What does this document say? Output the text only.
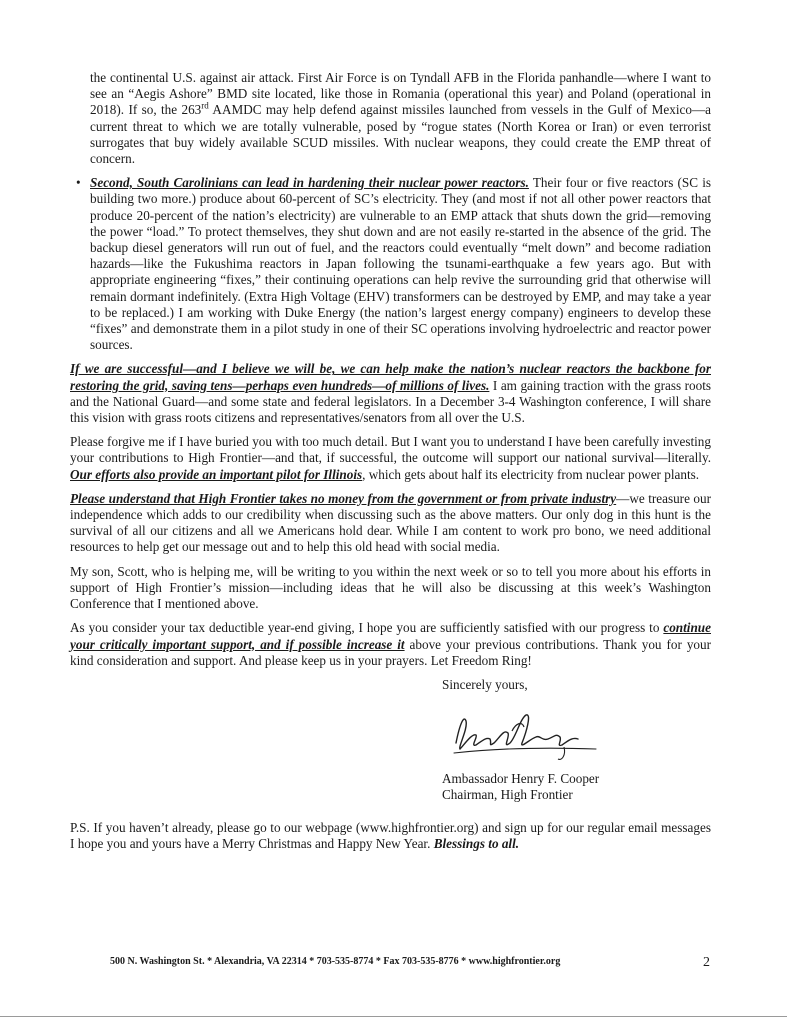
the continental U.S. against air attack. First Air Force is on Tyndall AFB in the Florida panhandle—where I want to see an “Aegis Ashore” BMD site located, like those in Romania (operational this year) and Poland (operational in 2018). If so, the 263rd AAMDC may help defend against missiles launched from vessels in the Gulf of Mexico—a current threat to which we are totally vulnerable, posed by “rogue states (North Korea or Iran) or even terrorist surrogates that buy widely available SCUD missiles. With nuclear weapons, they could create the EMP threat of concern.

• Second, South Carolinians can lead in hardening their nuclear power reactors. Their four or five reactors (SC is building two more.) produce about 60-percent of SC’s electricity. They (and most if not all other power reactors that produce 20-percent of the nation’s electricity) are vulnerable to an EMP attack that shuts down the grid—removing the power “load.” To protect themselves, they shut down and are not easily re-started in the absence of the grid. The backup diesel generators will run out of fuel, and the reactors could eventually “melt down” and become radiation hazards—like the Fukushima reactors in Japan following the tsunami-earthquake a few years ago. But with appropriate engineering “fixes,” their continuing operations can help revive the surrounding grid that otherwise will remain dormant indefinitely. (Extra High Voltage (EHV) transformers can be destroyed by EMP, and may take a year to be replaced.) I am working with Duke Energy (the nation’s largest energy company) engineers to develop these “fixes” and demonstrate them in a pilot study in one of their SC operations involving hydroelectric and reactor power sources.

If we are successful—and I believe we will be, we can help make the nation’s nuclear reactors the backbone for restoring the grid, saving tens—perhaps even hundreds—of millions of lives. I am gaining traction with the grass roots and the National Guard—and some state and federal legislators. In a December 3-4 Washington conference, I will share this vision with grass roots citizens and representatives/senators from all over the U.S.

Please forgive me if I have buried you with too much detail. But I want you to understand I have been carefully investing your contributions to High Frontier—and that, if successful, the outcome will support our national survival—literally. Our efforts also provide an important pilot for Illinois, which gets about half its electricity from nuclear power plants.

Please understand that High Frontier takes no money from the government or from private industry—we treasure our independence which adds to our credibility when discussing such as the above matters. Our only dog in this hunt is the survival of all our citizens and all we Americans hold dear. While I am content to work pro bono, we need additional resources to help get our message out and to help this old head with social media.

My son, Scott, who is helping me, will be writing to you within the next week or so to tell you more about his efforts in support of High Frontier’s mission—including ideas that he will also be discussing at this week’s Washington Conference that I mentioned above.

As you consider your tax deductible year-end giving, I hope you are sufficiently satisfied with our progress to continue your critically important support, and if possible increase it above your previous contributions. Thank you for your kind consideration and support. And please keep us in your prayers. Let Freedom Ring!

Sincerely yours,
Ambassador Henry F. Cooper
Chairman, High Frontier

P.S. If you haven’t already, please go to our webpage (www.highfrontier.org) and sign up for our regular email messages I hope you and yours have a Merry Christmas and Happy New Year. Blessings to all.

500 N. Washington St. * Alexandria, VA 22314 * 703-535-8774 * Fax 703-535-8776 * www.highfrontier.org	2
